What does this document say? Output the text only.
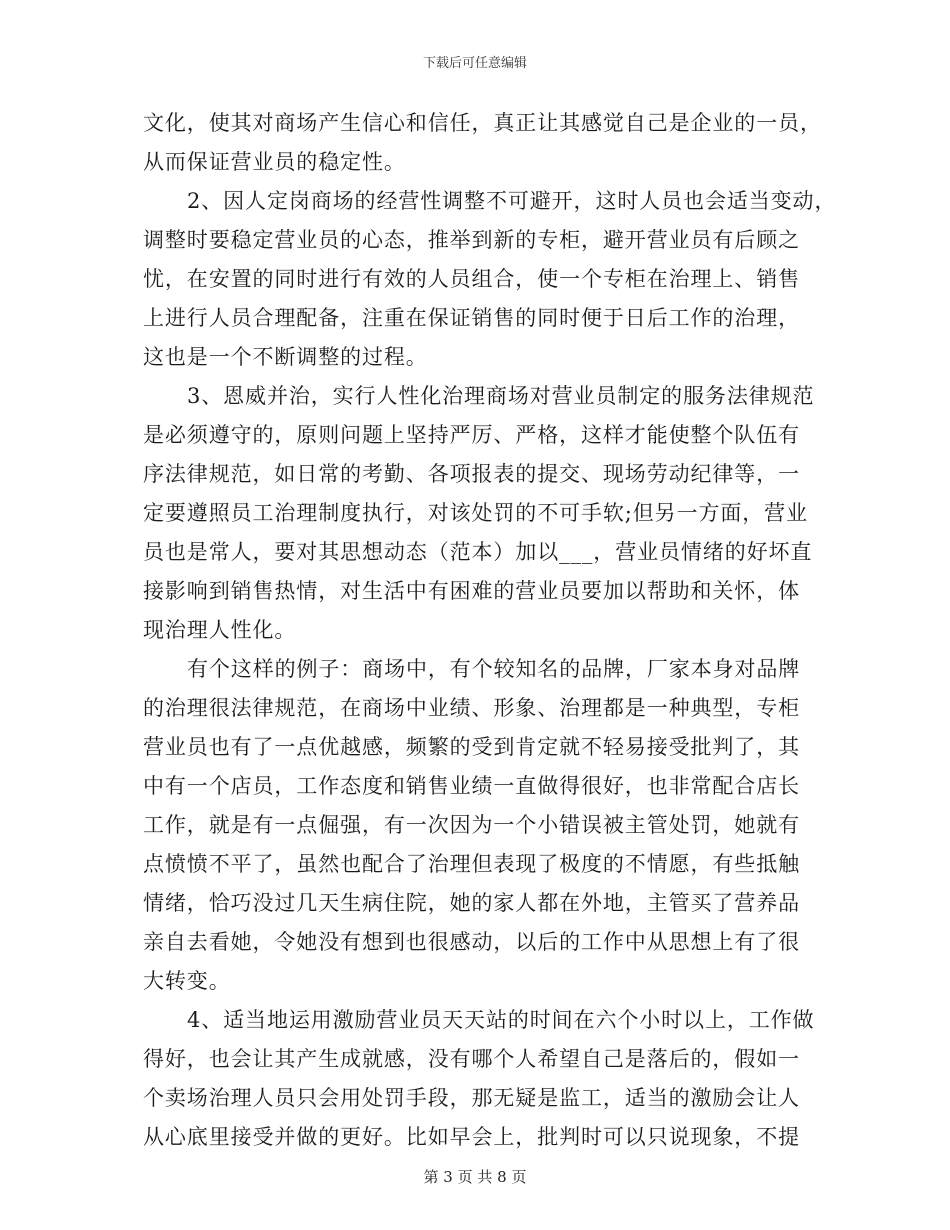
下载后可任意编辑
文化，使其对商场产生信心和信任，真正让其感觉自己是企业的一员，
从而保证营业员的稳定性。
2、因人定岗商场的经营性调整不可避开，这时人员也会适当变动，
调整时要稳定营业员的心态，推举到新的专柜，避开营业员有后顾之
忧，在安置的同时进行有效的人员组合，使一个专柜在治理上、销售
上进行人员合理配备，注重在保证销售的同时便于日后工作的治理，
这也是一个不断调整的过程。
3、恩威并治，实行人性化治理商场对营业员制定的服务法律规范
是必须遵守的，原则问题上坚持严厉、严格，这样才能使整个队伍有
序法律规范，如日常的考勤、各项报表的提交、现场劳动纪律等，一
定要遵照员工治理制度执行，对该处罚的不可手软;但另一方面，营业
员也是常人，要对其思想动态（范本）加以___，营业员情绪的好坏直
接影响到销售热情，对生活中有困难的营业员要加以帮助和关怀，体
现治理人性化。
有个这样的例子：商场中，有个较知名的品牌，厂家本身对品牌
的治理很法律规范，在商场中业绩、形象、治理都是一种典型，专柜
营业员也有了一点优越感，频繁的受到肯定就不轻易接受批判了，其
中有一个店员，工作态度和销售业绩一直做得很好，也非常配合店长
工作，就是有一点倔强，有一次因为一个小错误被主管处罚，她就有
点愤愤不平了，虽然也配合了治理但表现了极度的不情愿，有些抵触
情绪，恰巧没过几天生病住院，她的家人都在外地，主管买了营养品
亲自去看她，令她没有想到也很感动，以后的工作中从思想上有了很
大转变。
4、适当地运用激励营业员天天站的时间在六个小时以上，工作做
得好，也会让其产生成就感，没有哪个人希望自己是落后的，假如一
个卖场治理人员只会用处罚手段，那无疑是监工，适当的激励会让人
从心底里接受并做的更好。比如早会上，批判时可以只说现象，不提
第 3 页 共 8 页
